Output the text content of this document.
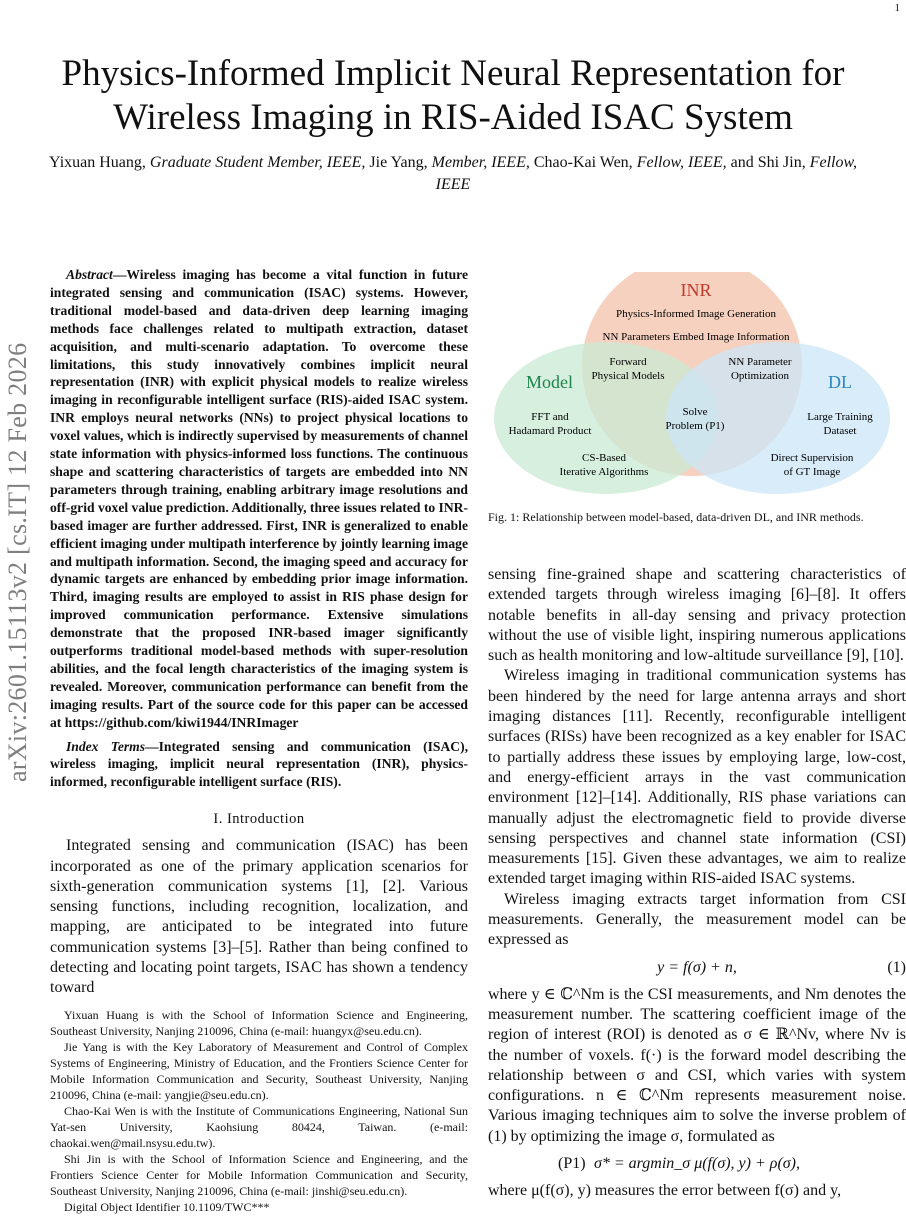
1
arXiv:2601.15113v2 [cs.IT] 12 Feb 2026
Physics-Informed Implicit Neural Representation for Wireless Imaging in RIS-Aided ISAC System
Yixuan Huang, Graduate Student Member, IEEE, Jie Yang, Member, IEEE, Chao-Kai Wen, Fellow, IEEE, and Shi Jin, Fellow, IEEE

Abstract—Wireless imaging has become a vital function in future integrated sensing and communication (ISAC) systems. However, traditional model-based and data-driven deep learning imaging methods face challenges related to multipath extraction, dataset acquisition, and multi-scenario adaptation. To overcome these limitations, this study innovatively combines implicit neural representation (INR) with explicit physical models to realize wireless imaging in reconfigurable intelligent surface (RIS)-aided ISAC system. INR employs neural networks (NNs) to project physical locations to voxel values, which is indirectly supervised by measurements of channel state information with physics-informed loss functions. The continuous shape and scattering characteristics of targets are embedded into NN parameters through training, enabling arbitrary image resolutions and off-grid voxel value prediction. Additionally, three issues related to INR-based imager are further addressed. First, INR is generalized to enable efficient imaging under multipath interference by jointly learning image and multipath information. Second, the imaging speed and accuracy for dynamic targets are enhanced by embedding prior image information. Third, imaging results are employed to assist in RIS phase design for improved communication performance. Extensive simulations demonstrate that the proposed INR-based imager significantly outperforms traditional model-based methods with super-resolution abilities, and the focal length characteristics of the imaging system is revealed. Moreover, communication performance can benefit from the imaging results. Part of the source code for this paper can be accessed at https://github.com/kiwi1944/INRImager

Index Terms—Integrated sensing and communication (ISAC), wireless imaging, implicit neural representation (INR), physics-informed, reconfigurable intelligent surface (RIS).

I. Introduction

Integrated sensing and communication (ISAC) has been incorporated as one of the primary application scenarios for sixth-generation communication systems [1], [2]. Various sensing functions, including recognition, localization, and mapping, are anticipated to be integrated into future communication systems [3]–[5]. Rather than being confined to detecting and locating point targets, ISAC has shown a tendency toward

Yixuan Huang is with the School of Information Science and Engineering, Southeast University, Nanjing 210096, China (e-mail: huangyx@seu.edu.cn).

Jie Yang is with the Key Laboratory of Measurement and Control of Complex Systems of Engineering, Ministry of Education, and the Frontiers Science Center for Mobile Information Communication and Security, Southeast University, Nanjing 210096, China (e-mail: yangjie@seu.edu.cn).

Chao-Kai Wen is with the Institute of Communications Engineering, National Sun Yat-sen University, Kaohsiung 80424, Taiwan. (e-mail: chaokai.wen@mail.nsysu.edu.tw).

Shi Jin is with the School of Information Science and Engineering, and the Frontiers Science Center for Mobile Information Communication and Security, Southeast University, Nanjing 210096, China (e-mail: jinshi@seu.edu.cn).

Digital Object Identifier 10.1109/TWC***

INR
Model	DL
Physics-Informed Image Generation
NN Parameters Embed Image Information
Forward
Physical Models
NN Parameter
Optimization
Solve
Problem (P1)
FFT and
Hadamard Product
CS-Based
Iterative Algorithms
Large Training
Dataset
Direct Supervision
of GT Image

Fig. 1: Relationship between model-based, data-driven DL, and INR methods.

sensing fine-grained shape and scattering characteristics of extended targets through wireless imaging [6]–[8]. It offers notable benefits in all-day sensing and privacy protection without the use of visible light, inspiring numerous applications such as health monitoring and low-altitude surveillance [9], [10].

Wireless imaging in traditional communication systems has been hindered by the need for large antenna arrays and short imaging distances [11]. Recently, reconfigurable intelligent surfaces (RISs) have been recognized as a key enabler for ISAC to partially address these issues by employing large, low-cost, and energy-efficient arrays in the vast communication environment [12]–[14]. Additionally, RIS phase variations can manually adjust the electromagnetic field to provide diverse sensing perspectives and channel state information (CSI) measurements [15]. Given these advantages, we aim to realize extended target imaging within RIS-aided ISAC systems.

Wireless imaging extracts target information from CSI measurements. Generally, the measurement model can be expressed as

y = f(σ) + n,	(1)

where y ∈ ℂ^Nm is the CSI measurements, and Nm denotes the measurement number. The scattering coefficient image of the region of interest (ROI) is denoted as σ ∈ ℝ^Nv, where Nv is the number of voxels. f(·) is the forward model describing the relationship between σ and CSI, which varies with system configurations. n ∈ ℂ^Nm represents measurement noise. Various imaging techniques aim to solve the inverse problem of (1) by optimizing the image σ, formulated as

(P1) σ* = argmin_σ μ(f(σ), y) + ρ(σ),

where μ(f(σ), y) measures the error between f(σ) and y,
